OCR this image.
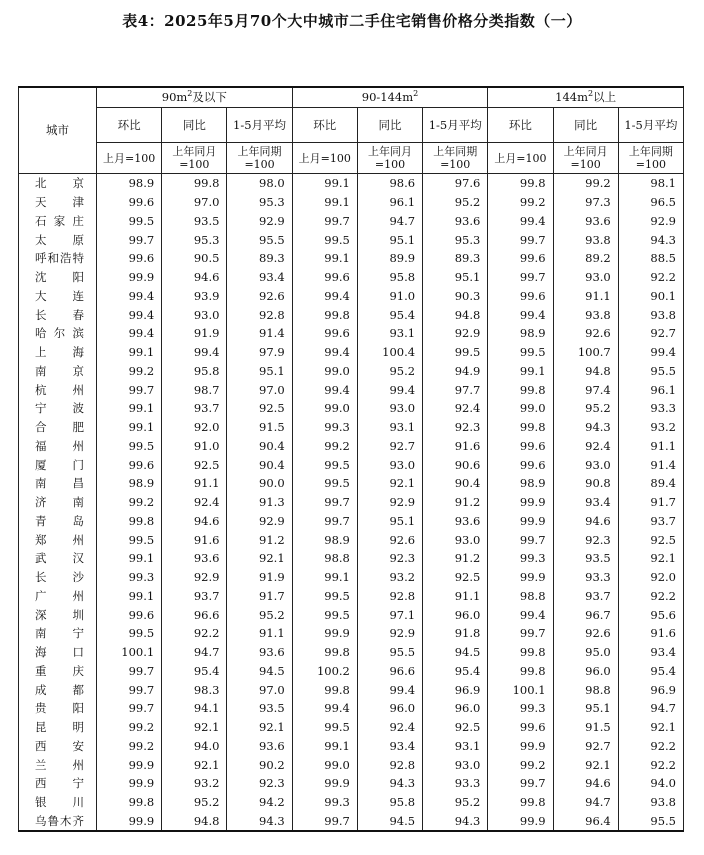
表4：2025年5月70个大中城市二手住宅销售价格分类指数（一）
城市	$90m^2$及以下			$90-144m^2$			$144m^2$以上		
	环比	同比	1-5月平均	环比	同比	1-5月平均	环比	同比	1-5月平均
	上月=100	上年同月=100	上年同期=100	上月=100	上年同月=100	上年同期=100	上月=100	上年同月=100	上年同期=100
北　　京	98.9	99.8	98.0	99.1	98.6	97.6	99.8	99.2	98.1
天　　津	99.6	97.0	95.3	99.1	96.1	95.2	99.2	97.3	96.5
石 家 庄	99.5	93.5	92.9	99.7	94.7	93.6	99.4	93.6	92.9
太　　原	99.7	95.3	95.5	99.5	95.1	95.3	99.7	93.8	94.3
呼和浩特	99.6	90.5	89.3	99.1	89.9	89.3	99.6	89.2	88.5
沈　　阳	99.9	94.6	93.4	99.6	95.8	95.1	99.7	93.0	92.2
大　　连	99.4	93.9	92.6	99.4	91.0	90.3	99.6	91.1	90.1
长　　春	99.4	93.0	92.8	99.8	95.4	94.8	99.4	93.8	93.8
哈 尔 滨	99.4	91.9	91.4	99.6	93.1	92.9	98.9	92.6	92.7
上　　海	99.1	99.4	97.9	99.4	100.4	99.5	99.5	100.7	99.4
南　　京	99.2	95.8	95.1	99.0	95.2	94.9	99.1	94.8	95.5
杭　　州	99.7	98.7	97.0	99.4	99.4	97.7	99.8	97.4	96.1
宁　　波	99.1	93.7	92.5	99.0	93.0	92.4	99.0	95.2	93.3
合　　肥	99.1	92.0	91.5	99.3	93.1	92.3	99.8	94.3	93.2
福　　州	99.5	91.0	90.4	99.2	92.7	91.6	99.6	92.4	91.1
厦　　门	99.6	92.5	90.4	99.5	93.0	90.6	99.6	93.0	91.4
南　　昌	98.9	91.1	90.0	99.5	92.1	90.4	98.9	90.8	89.4
济　　南	99.2	92.4	91.3	99.7	92.9	91.2	99.9	93.4	91.7
青　　岛	99.8	94.6	92.9	99.7	95.1	93.6	99.9	94.6	93.7
郑　　州	99.5	91.6	91.2	98.9	92.6	93.0	99.7	92.3	92.5
武　　汉	99.1	93.6	92.1	98.8	92.3	91.2	99.3	93.5	92.1
长　　沙	99.3	92.9	91.9	99.1	93.2	92.5	99.9	93.3	92.0
广　　州	99.1	93.7	91.7	99.5	92.8	91.1	98.8	93.7	92.2
深　　圳	99.6	96.6	95.2	99.5	97.1	96.0	99.4	96.7	95.6
南　　宁	99.5	92.2	91.1	99.9	92.9	91.8	99.7	92.6	91.6
海　　口	100.1	94.7	93.6	99.8	95.5	94.5	99.8	95.0	93.4
重　　庆	99.7	95.4	94.5	100.2	96.6	95.4	99.8	96.0	95.4
成　　都	99.7	98.3	97.0	99.8	99.4	96.9	100.1	98.8	96.9
贵　　阳	99.7	94.1	93.5	99.4	96.0	96.0	99.3	95.1	94.7
昆　　明	99.2	92.1	92.1	99.5	92.4	92.5	99.6	91.5	92.1
西　　安	99.2	94.0	93.6	99.1	93.4	93.1	99.9	92.7	92.2
兰　　州	99.9	92.1	90.2	99.0	92.8	93.0	99.2	92.1	92.2
西　　宁	99.9	93.2	92.3	99.9	94.3	93.3	99.7	94.6	94.0
银　　川	99.8	95.2	94.2	99.3	95.8	95.2	99.8	94.7	93.8
乌鲁木齐	99.9	94.8	94.3	99.7	94.5	94.3	99.9	96.4	95.5
